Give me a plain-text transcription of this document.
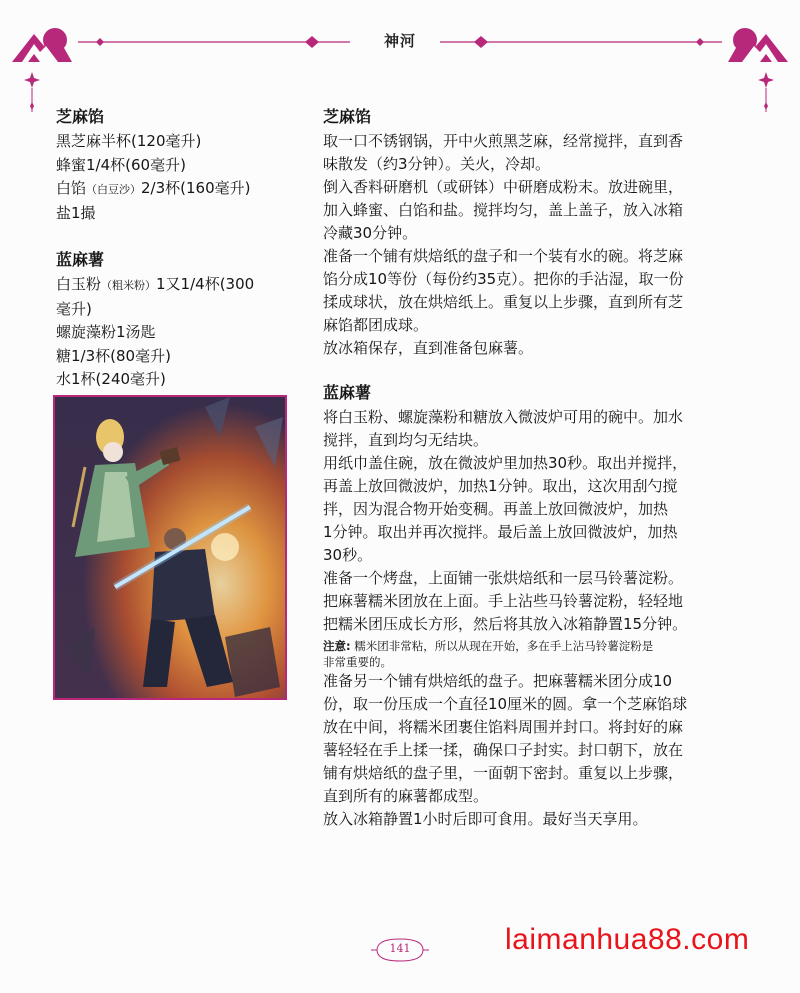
神河

芝麻馅

黑芝麻半杯(120毫升)

蜂蜜1/4杯(60毫升)

白馅（白豆沙）2/3杯(160毫升)

盐1撮

蓝麻薯

白玉粉（粗米粉）1又1/4杯(300

毫升)

螺旋藻粉1汤匙

糖1/3杯(80毫升)

水1杯(240毫升)

芝麻馅

取一口不锈钢锅，开中火煎黑芝麻，经常搅拌，直到香

味散发（约3分钟）。关火，冷却。

倒入香料研磨机（或研钵）中研磨成粉末。放进碗里，

加入蜂蜜、白馅和盐。搅拌均匀，盖上盖子，放入冰箱

冷藏30分钟。

准备一个铺有烘焙纸的盘子和一个装有水的碗。将芝麻

馅分成10等份（每份约35克）。把你的手沾湿，取一份

揉成球状，放在烘焙纸上。重复以上步骤，直到所有芝

麻馅都团成球。

放冰箱保存，直到准备包麻薯。

蓝麻薯

将白玉粉、螺旋藻粉和糖放入微波炉可用的碗中。加水

搅拌，直到均匀无结块。

用纸巾盖住碗，放在微波炉里加热30秒。取出并搅拌，

再盖上放回微波炉，加热1分钟。取出，这次用刮勺搅

拌，因为混合物开始变稠。再盖上放回微波炉，加热

1分钟。取出并再次搅拌。最后盖上放回微波炉，加热

30秒。

准备一个烤盘，上面铺一张烘焙纸和一层马铃薯淀粉。

把麻薯糯米团放在上面。手上沾些马铃薯淀粉，轻轻地

把糯米团压成长方形，然后将其放入冰箱静置15分钟。

注意: 糯米团非常粘，所以从现在开始，多在手上沾马铃薯淀粉是
非常重要的。

准备另一个铺有烘焙纸的盘子。把麻薯糯米团分成10

份，取一份压成一个直径10厘米的圆。拿一个芝麻馅球

放在中间，将糯米团裹住馅料周围并封口。将封好的麻

薯轻轻在手上揉一揉，确保口子封实。封口朝下，放在

铺有烘焙纸的盘子里，一面朝下密封。重复以上步骤，

直到所有的麻薯都成型。

放入冰箱静置1小时后即可食用。最好当天享用。

141	laimanhua88.com
